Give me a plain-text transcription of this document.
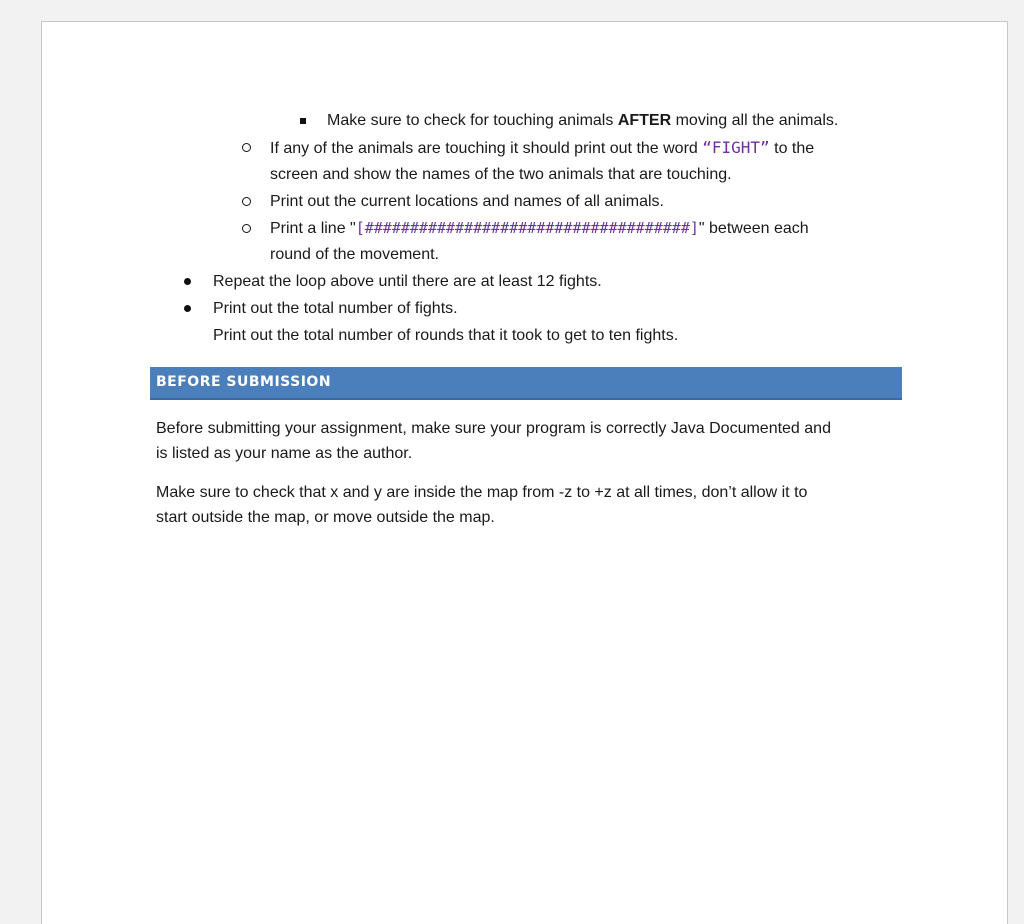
Make sure to check for touching animals AFTER moving all the animals.
If any of the animals are touching it should print out the word “FIGHT” to the
screen and show the names of the two animals that are touching.
Print out the current locations and names of all animals.
Print a line "[####################################]" between each
round of the movement.
Repeat the loop above until there are at least 12 fights.
Print out the total number of fights.
Print out the total number of rounds that it took to get to ten fights.
BEFORE SUBMISSION
Before submitting your assignment, make sure your program is correctly Java Documented and
is listed as your name as the author.
Make sure to check that x and y are inside the map from -z to +z at all times, don’t allow it to
start outside the map, or move outside the map.
